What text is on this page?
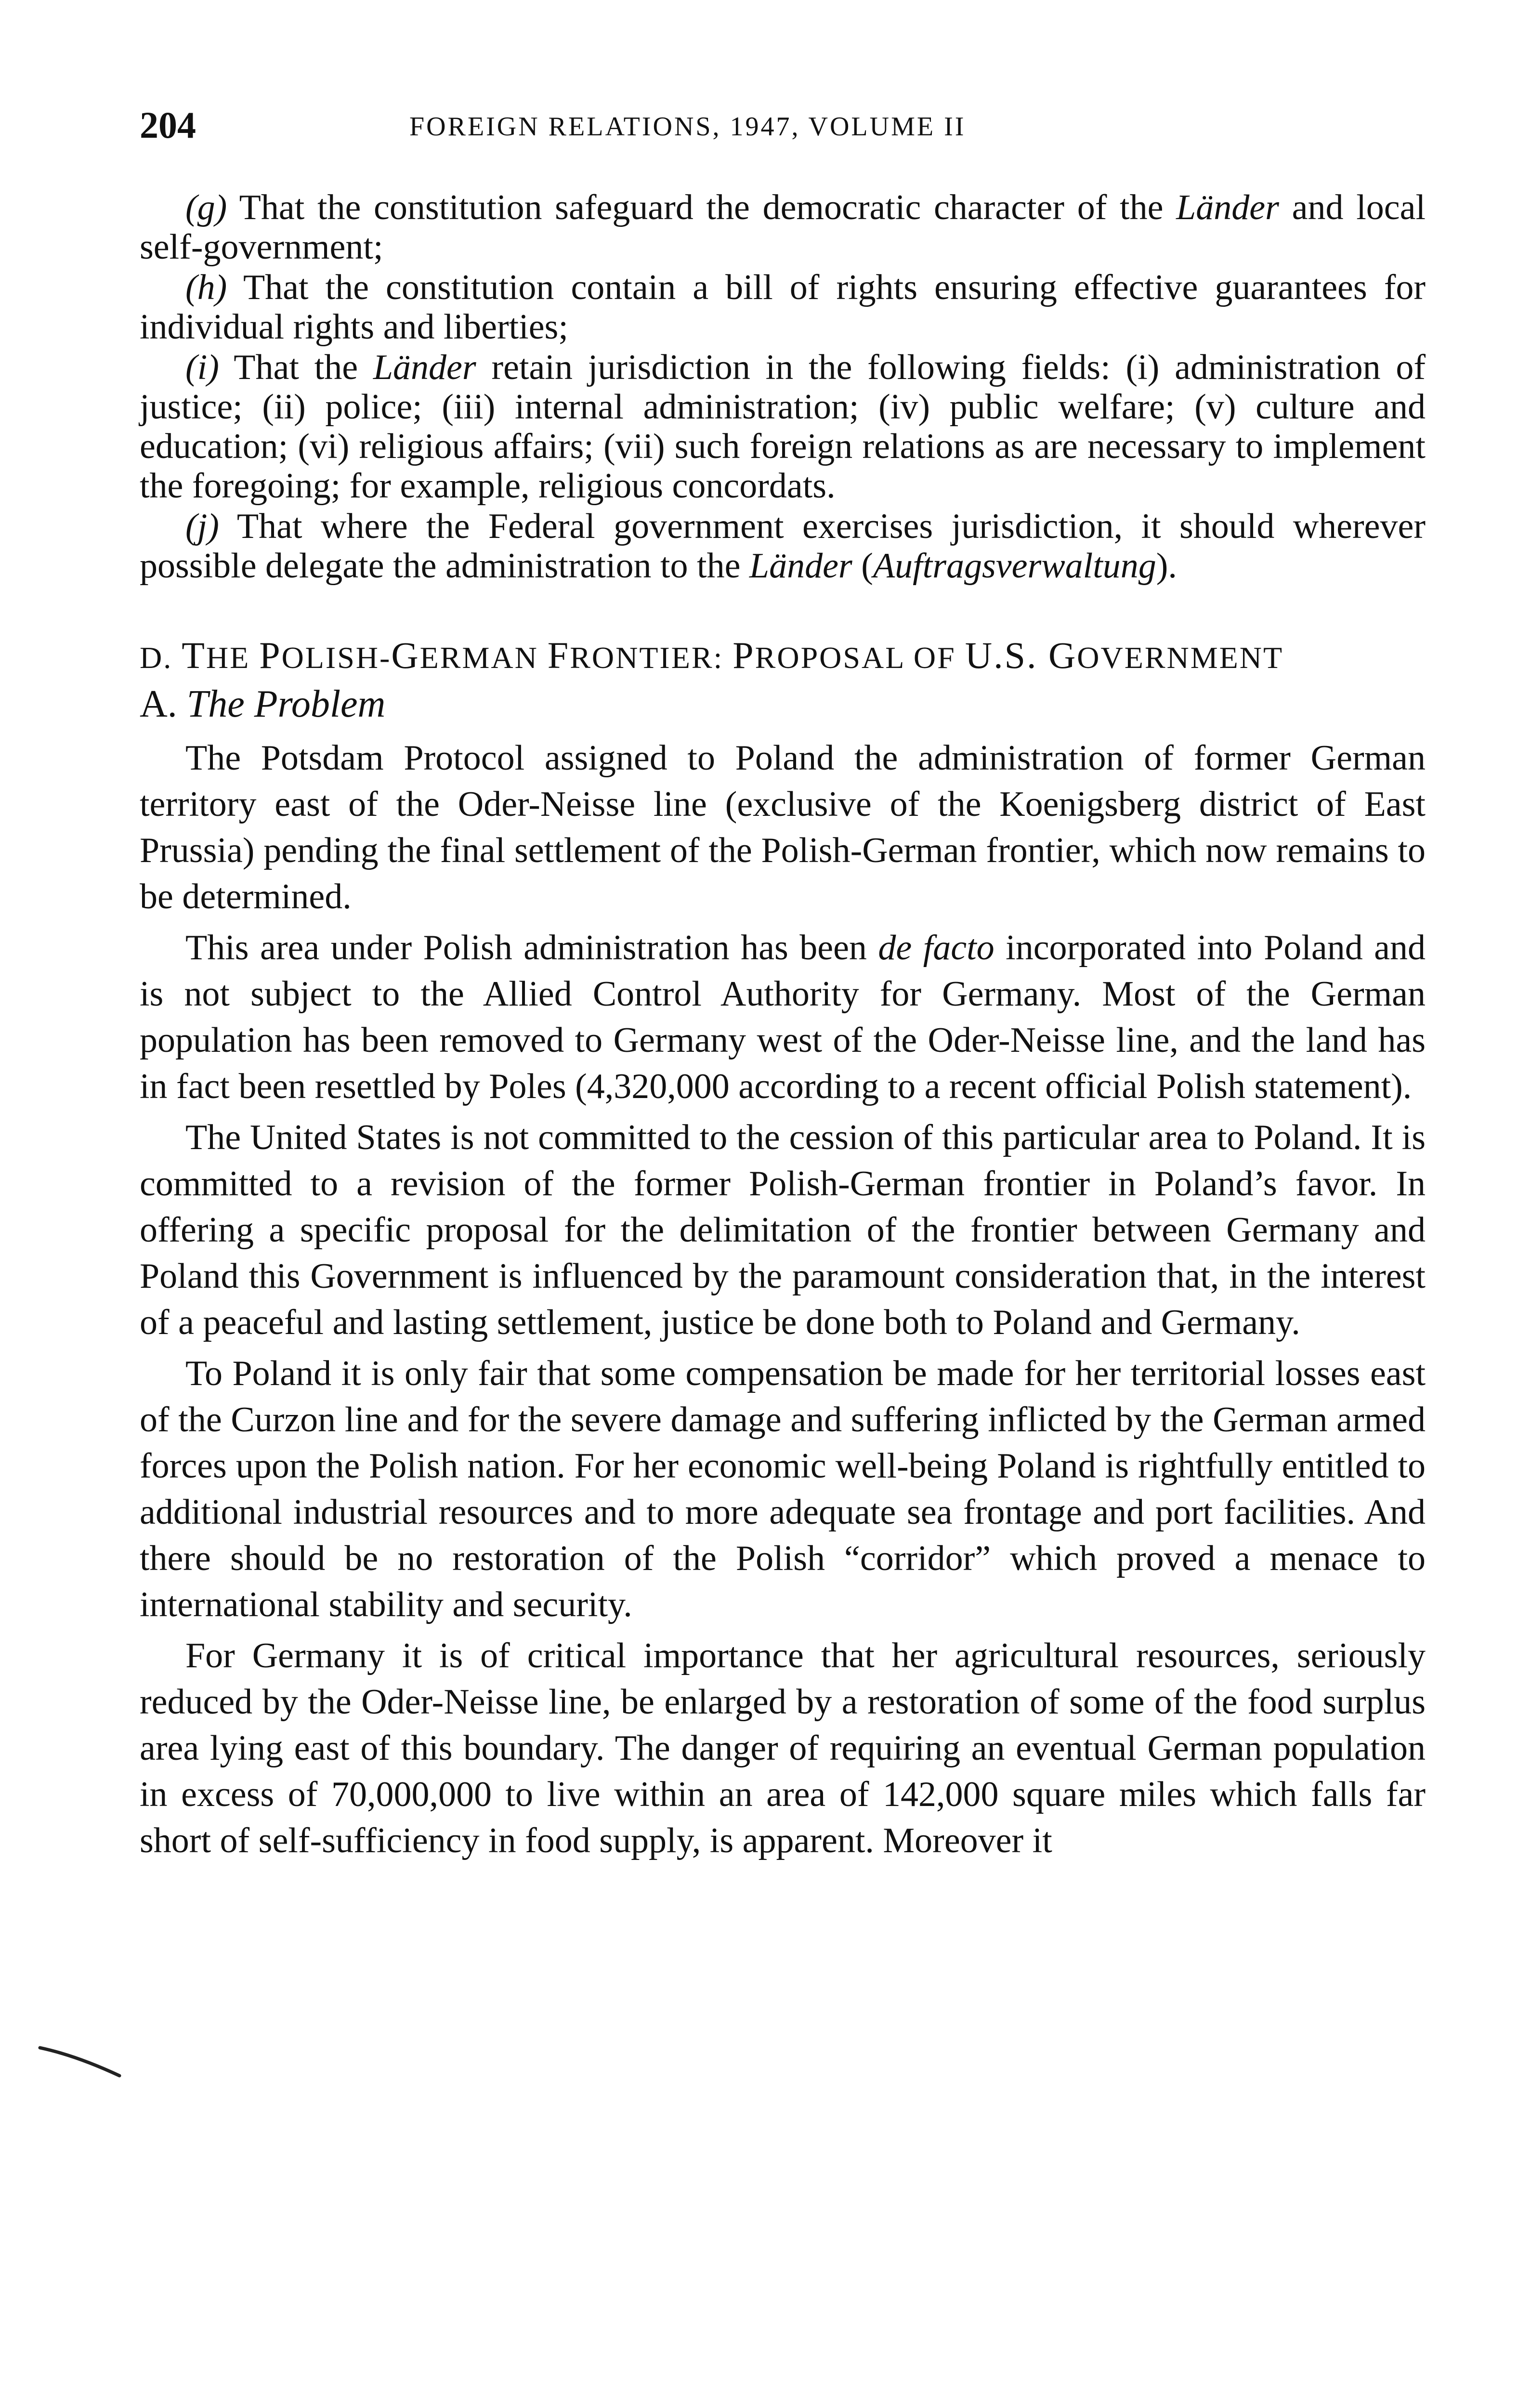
204	FOREIGN RELATIONS, 1947, VOLUME II

(g) That the constitution safeguard the democratic character of the Länder and local self-government;

(h) That the constitution contain a bill of rights ensuring effective guarantees for individual rights and liberties;

(i) That the Länder retain jurisdiction in the following fields: (i) administration of justice; (ii) police; (iii) internal administration; (iv) public welfare; (v) culture and education; (vi) religious affairs; (vii) such foreign relations as are necessary to implement the foregoing; for example, religious concordats.

(j) That where the Federal government exercises jurisdiction, it should wherever possible delegate the administration to the Länder (Auftragsverwaltung).

D. THE POLISH-GERMAN FRONTIER: PROPOSAL OF U.S. GOVERNMENT

A. The Problem

The Potsdam Protocol assigned to Poland the administration of former German territory east of the Oder-Neisse line (exclusive of the Koenigsberg district of East Prussia) pending the final settlement of the Polish-German frontier, which now remains to be determined.

This area under Polish administration has been de facto incorporated into Poland and is not subject to the Allied Control Authority for Germany. Most of the German population has been removed to Germany west of the Oder-Neisse line, and the land has in fact been resettled by Poles (4,320,000 according to a recent official Polish statement).

The United States is not committed to the cession of this particular area to Poland. It is committed to a revision of the former Polish-German frontier in Poland’s favor. In offering a specific proposal for the delimitation of the frontier between Germany and Poland this Government is influenced by the paramount consideration that, in the interest of a peaceful and lasting settlement, justice be done both to Poland and Germany.

To Poland it is only fair that some compensation be made for her territorial losses east of the Curzon line and for the severe damage and suffering inflicted by the German armed forces upon the Polish nation. For her economic well-being Poland is rightfully entitled to additional industrial resources and to more adequate sea frontage and port facilities. And there should be no restoration of the Polish “corridor” which proved a menace to international stability and security.

For Germany it is of critical importance that her agricultural resources, seriously reduced by the Oder-Neisse line, be enlarged by a restoration of some of the food surplus area lying east of this boundary. The danger of requiring an eventual German population in excess of 70,000,000 to live within an area of 142,000 square miles which falls far short of self-sufficiency in food supply, is apparent. Moreover it
